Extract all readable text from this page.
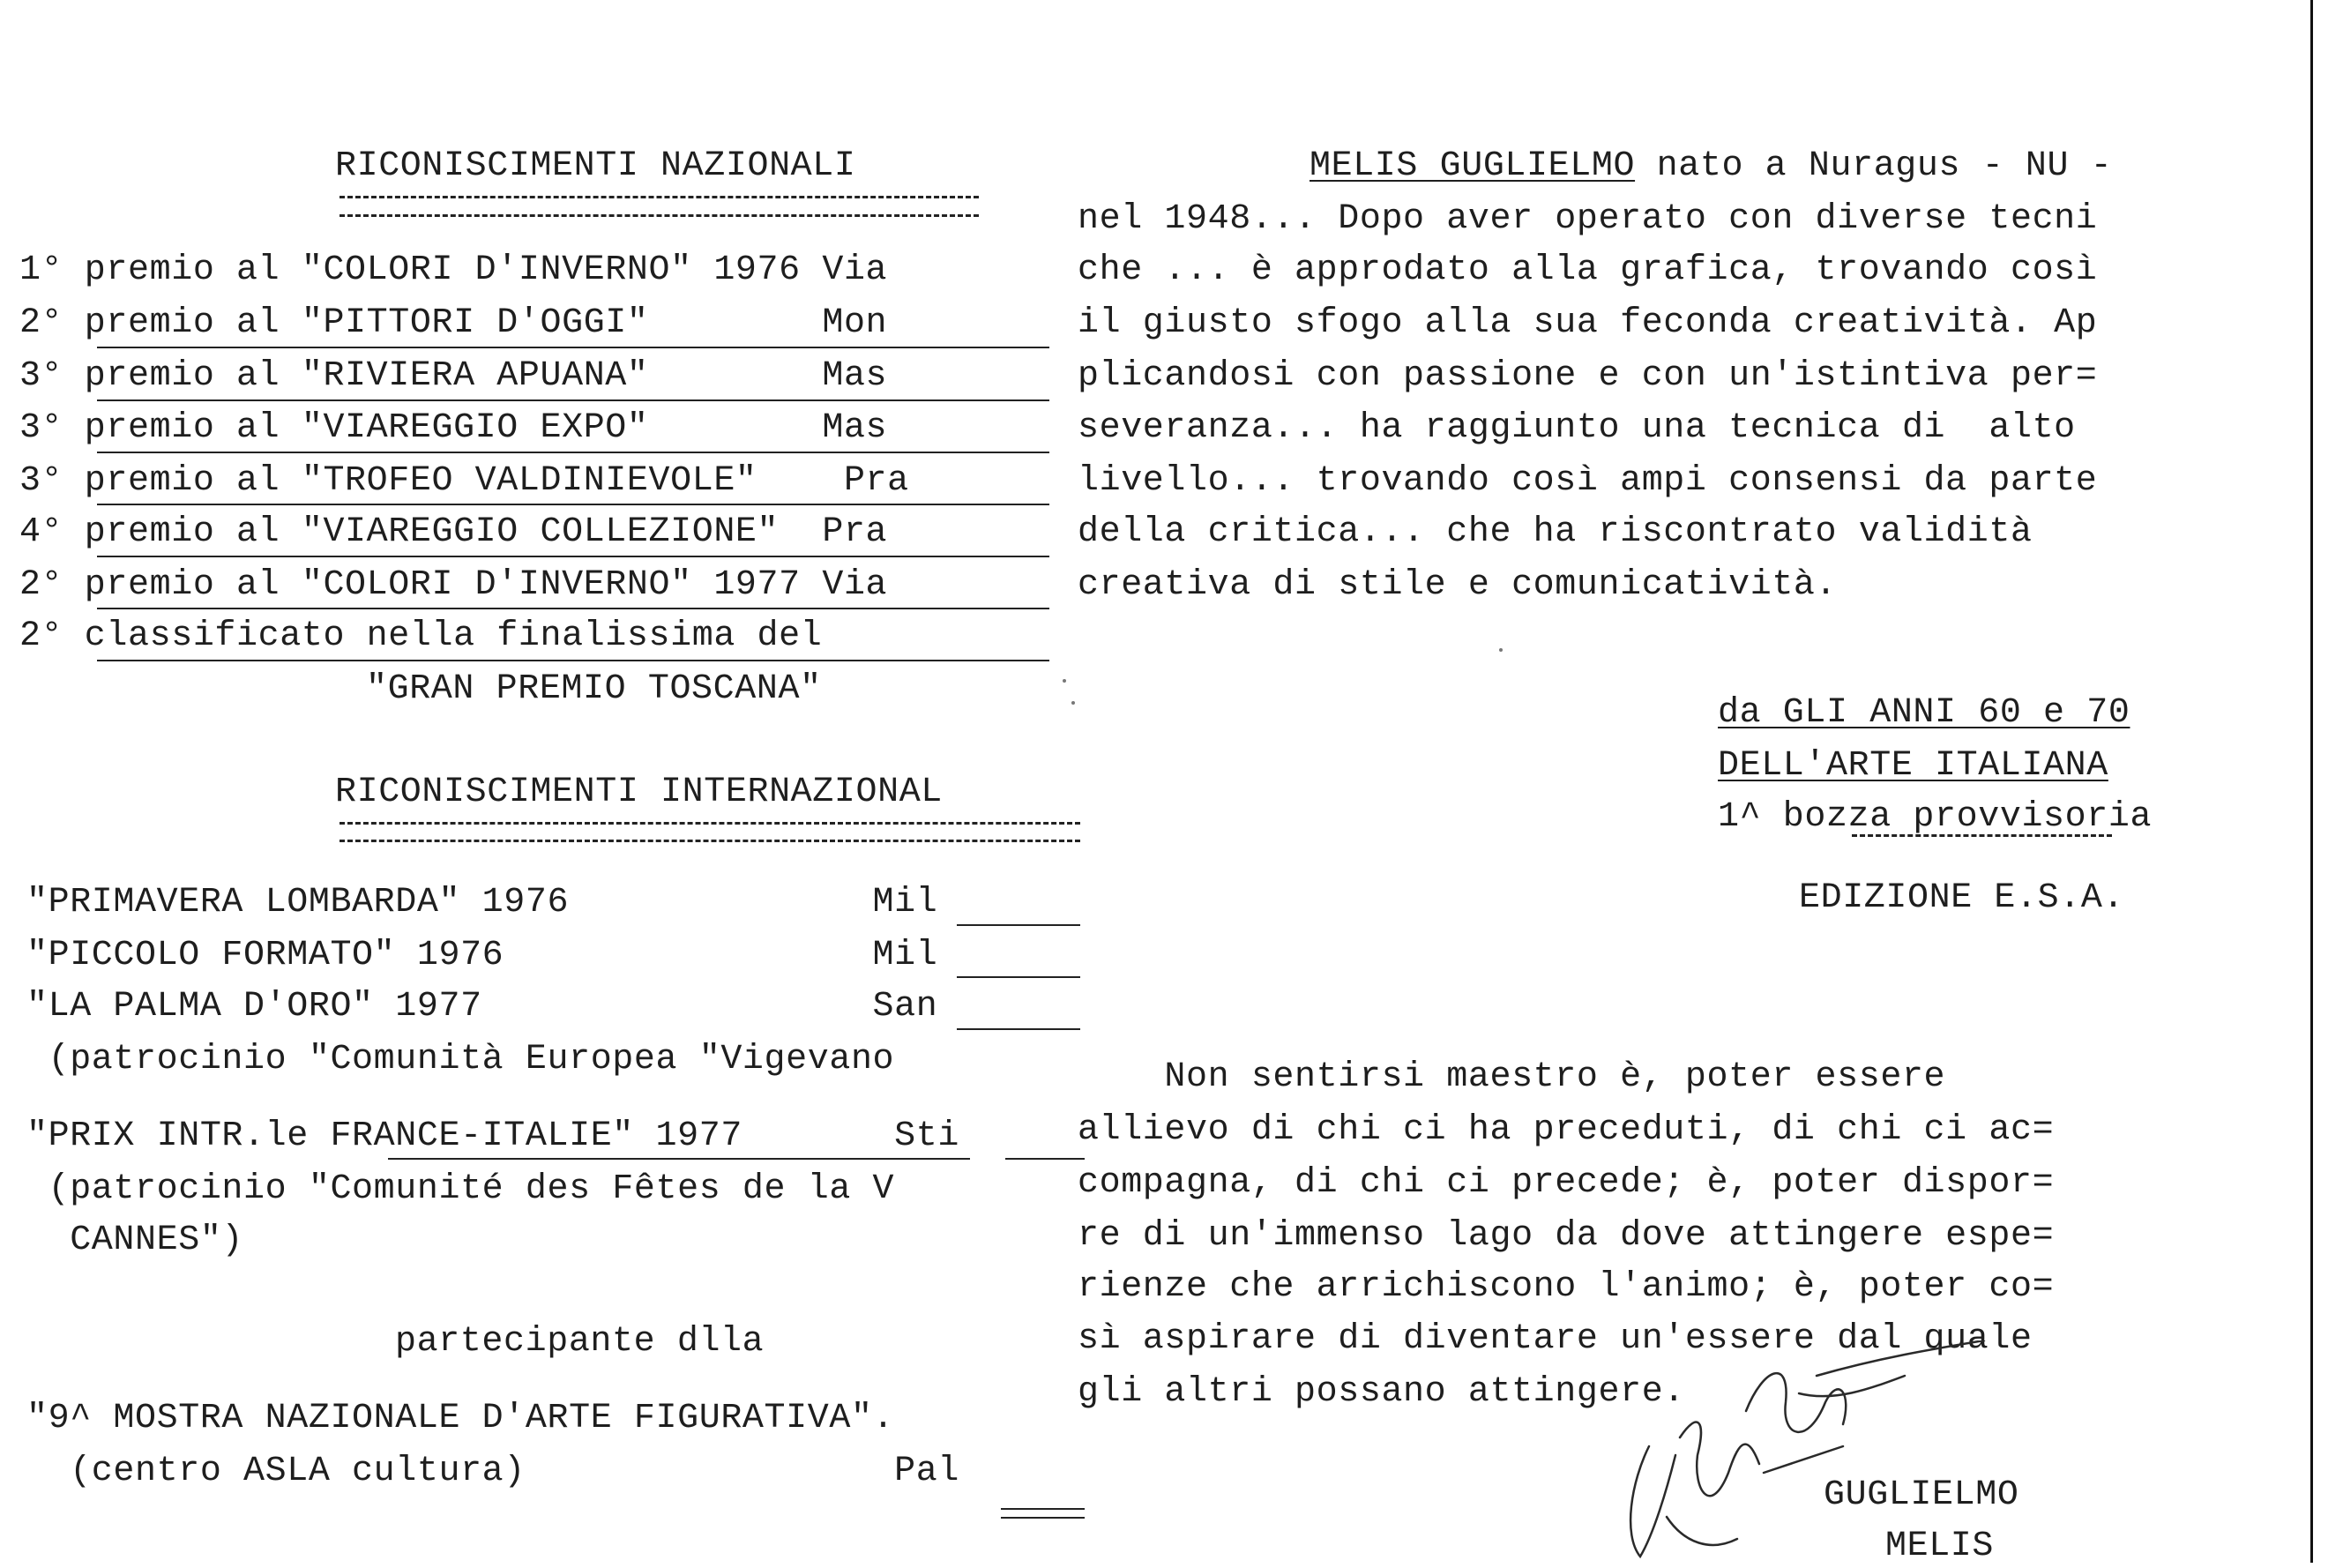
RICONISCIMENTI NAZIONALI
1° premio al "COLORI D'INVERNO" 1976 Via
2° premio al "PITTORI D'OGGI"        Mon
3° premio al "RIVIERA APUANA"        Mas
3° premio al "VIAREGGIO EXPO"        Mas
3° premio al "TROFEO VALDINIEVOLE"    Pra
4° premio al "VIAREGGIO COLLEZIONE"  Pra
2° premio al "COLORI D'INVERNO" 1977 Via
2° classificato nella finalissima del
"GRAN PREMIO TOSCANA"
RICONISCIMENTI INTERNAZIONAL
"PRIMAVERA LOMBARDA" 1976              Mil
"PICCOLO FORMATO" 1976                 Mil
"LA PALMA D'ORO" 1977                  San
(patrocinio "Comunità Europea "Vigevano
"PRIX INTR.le FRANCE-ITALIE" 1977       Sti
(patrocinio "Comunité des Fêtes de la V
CANNES")
partecipante dlla
"9^ MOSTRA NAZIONALE D'ARTE FIGURATIVA".
(centro ASLA cultura)                 Pal
MELIS GUGLIELMO nato a Nuragus - NU -
nel 1948... Dopo aver operato con diverse tecni
che ... è approdato alla grafica, trovando così
il giusto sfogo alla sua feconda creatività. Ap
plicandosi con passione e con un'istintiva per=
severanza... ha raggiunto una tecnica di  alto
livello... trovando così ampi consensi da parte
della critica... che ha riscontrato validità
creativa di stile e comunicatività.
da GLI ANNI 60 e 70
DELL'ARTE ITALIANA
1^ bozza provvisoria
EDIZIONE E.S.A.
Non sentirsi maestro è, poter essere
allievo di chi ci ha preceduti, di chi ci ac=
compagna, di chi ci precede; è, poter dispor=
re di un'immenso lago da dove attingere espe=
rienze che arrichiscono l'animo; è, poter co=
sì aspirare di diventare un'essere dal quale
gli altri possano attingere.
GUGLIELMO
MELIS
